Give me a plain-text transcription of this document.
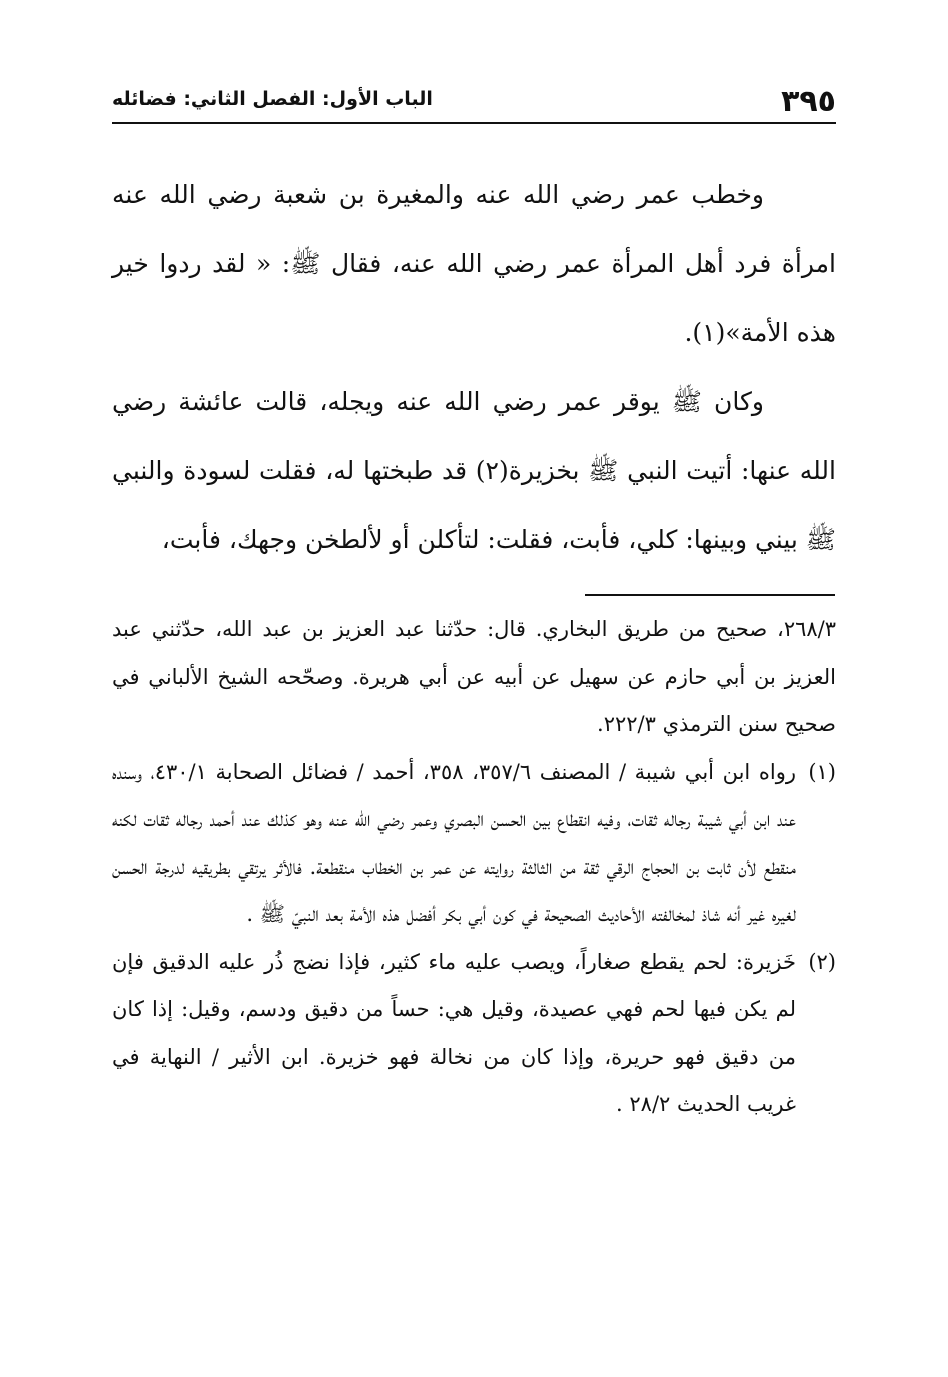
٣٩٥
الباب الأول: الفصل الثاني: فضائله

وخطب عمر رضي الله عنه والمغيرة بن شعبة رضي الله عنه امرأة فرد أهل المرأة عمر رضي الله عنه، فقال ﷺ: « لقد ردوا خير هذه الأمة»(١).

وكان ﷺ يوقر عمر رضي الله عنه ويجله، قالت عائشة رضي الله عنها: أتيت النبي ﷺ بخزيرة(٢) قد طبختها له، فقلت لسودة والنبي ﷺ بيني وبينها: كلي، فأبت، فقلت: لتأكلن أو لألطخن وجهك، فأبت،

٢٦٨/٣، صحيح من طريق البخاري. قال: حدّثنا عبد العزيز بن عبد الله، حدّثني عبد العزيز بن أبي حازم عن سهيل عن أبيه عن أبي هريرة. وصحّحه الشيخ الألباني في صحيح سنن الترمذي ٢٢٢/٣.

(١)
رواه ابن أبي شيبة / المصنف ٣٥٧/٦، ٣٥٨، أحمد / فضائل الصحابة ٤٣٠/١، وسنده عند ابن أبي شيبة رجاله ثقات، وفيه انقطاع بين الحسن البصري وعمر رضي الله عنه وهو كذلك عند أحمد رجاله ثقات لكنه منقطع لأن ثابت بن الحجاج الرقي ثقة من الثالثة روايته عن عمر بن الخطاب منقطعة. فالأثر يرتقي بطريقيه لدرجة الحسن لغيره غير أنه شاذ لمخالفته الأحاديث الصحيحة في كون أبي بكر أفضل هذه الأمة بعد النبيّ ﷺ .
(٢)
خَزيرة: لحم يقطع صغاراً، ويصب عليه ماء كثير، فإذا نضج ذُر عليه الدقيق فإن لم يكن فيها لحم فهي عصيدة، وقيل هي: حساً من دقيق ودسم، وقيل: إذا كان من دقيق فهو حريرة، وإذا كان من نخالة فهو خزيرة. ابن الأثير / النهاية في غريب الحديث ٢٨/٢ .
